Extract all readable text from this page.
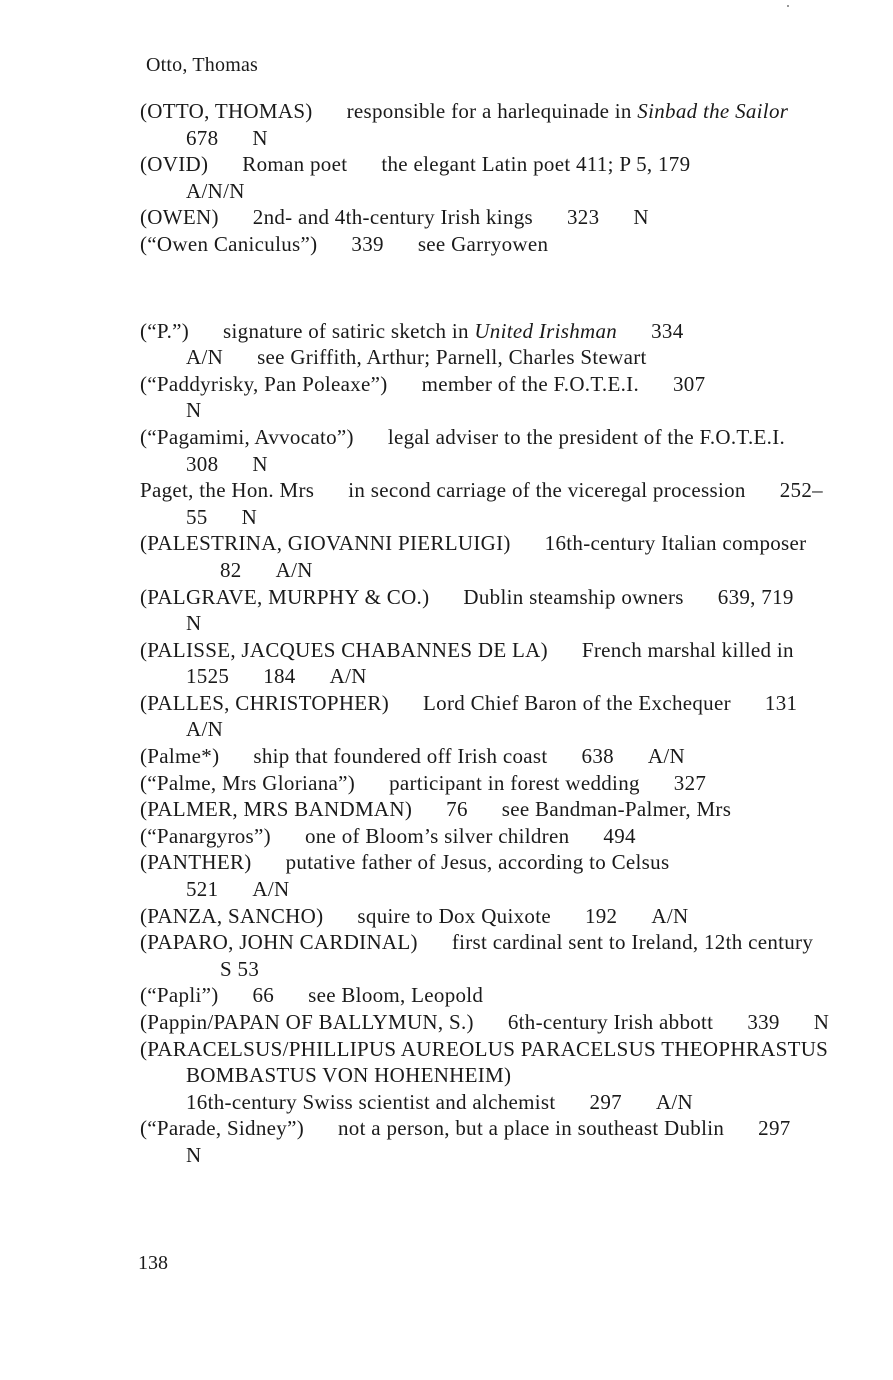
Otto, Thomas

(OTTO, THOMAS) responsible for a harlequinade in Sinbad the Sailor678 N

(OVID) Roman poet the elegant Latin poet 411; P 5, 179
A/N/N

(OWEN) 2nd- and 4th-century Irish kings 323 N

(“Owen Caniculus”) 339 see Garryowen

(“P.”) signature of satiric sketch in United Irishman 334
A/N see Griffith, Arthur; Parnell, Charles Stewart

(“Paddyrisky, Pan Poleaxe”) member of the F.O.T.E.I. 307
N

(“Pagamimi, Avvocato”) legal adviser to the president of the F.O.T.E.I.308 N

Paget, the Hon. Mrs in second carriage of the viceregal procession 252–55 N

(PALESTRINA, GIOVANNI PIERLUIGI) 16th-century Italian composer82 A/N

(PALGRAVE, MURPHY & CO.) Dublin steamship owners 639, 719N

(PALISSE, JACQUES CHABANNES DE LA) French marshal killed in 1525 184 A/N

(PALLES, CHRISTOPHER) Lord Chief Baron of the Exchequer 131A/N

(Palme*) ship that foundered off Irish coast 638 A/N

(“Palme, Mrs Gloriana”) participant in forest wedding 327

(PALMER, MRS BANDMAN) 76 see Bandman-Palmer, Mrs

(“Panargyros”) one of Bloom’s silver children 494

(PANTHER) putative father of Jesus, according to Celsus
521 A/N

(PANZA, SANCHO) squire to Dox Quixote 192 A/N

(PAPARO, JOHN CARDINAL) first cardinal sent to Ireland, 12th centuryS 53

(“Papli”) 66 see Bloom, Leopold

(Pappin/PAPAN OF BALLYMUN, S.) 6th-century Irish abbott 339 N

(PARACELSUS/PHILLIPUS AUREOLUS PARACELSUS THEOPHRASTUS BOMBASTUS VON HOHENHEIM)
16th-century Swiss scientist and alchemist 297 A/N

(“Parade, Sidney”) not a person, but a place in southeast Dublin 297N

138
